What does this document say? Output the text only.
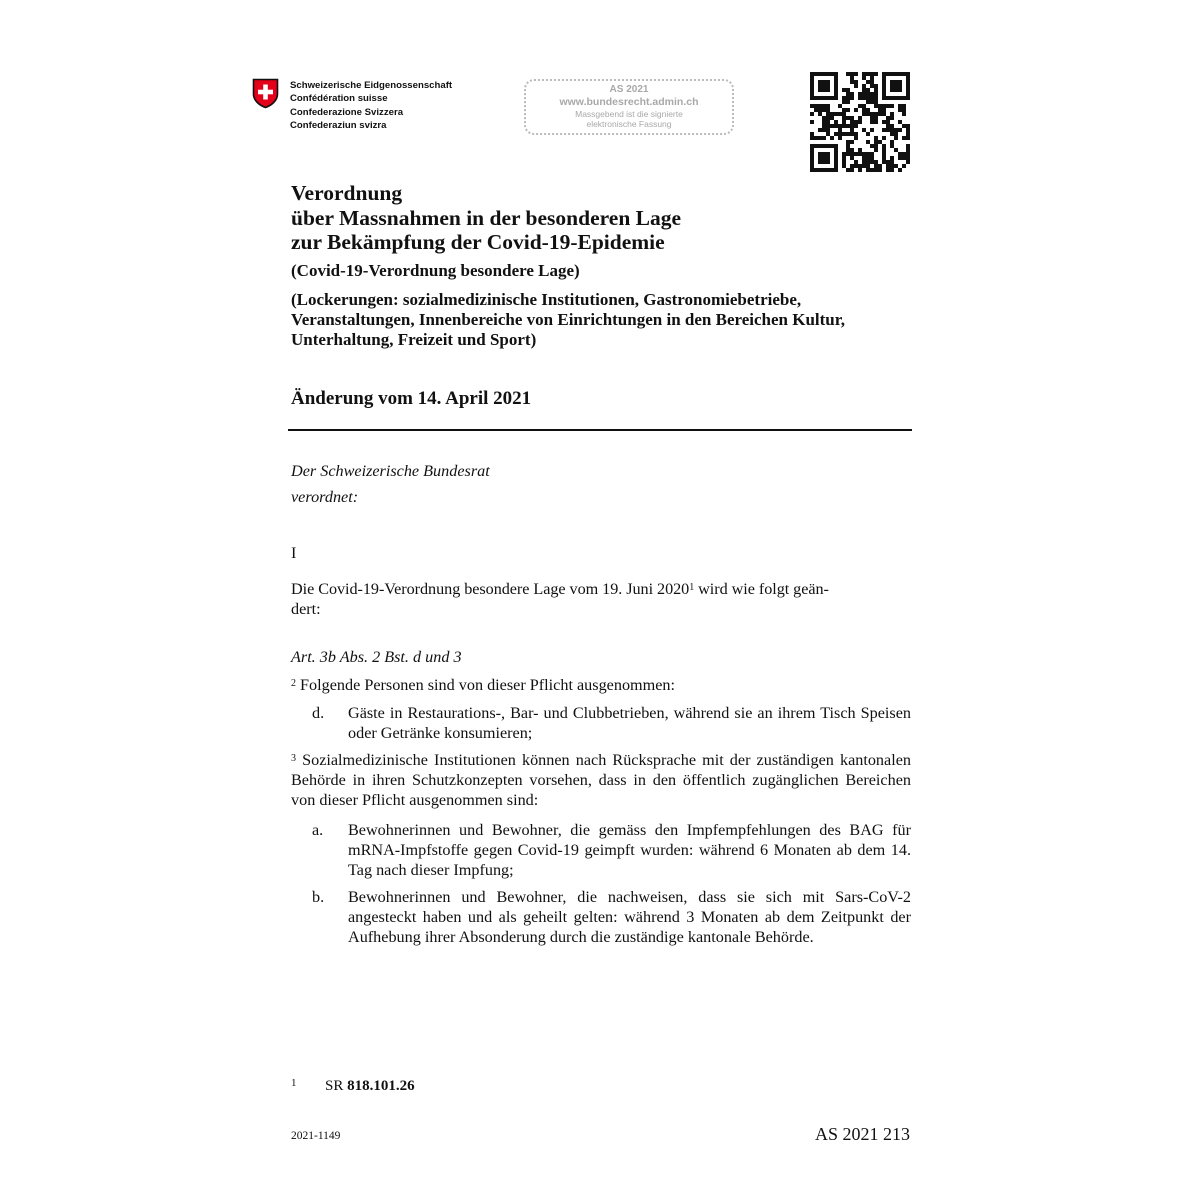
Schweizerische Eidgenossenschaft
Confédération suisse
Confederazione Svizzera
Confederaziun svizra
AS 2021
www.bundesrecht.admin.ch
Massgebend ist die signierte
elektronische Fassung
Verordnung
über Massnahmen in der besonderen Lage
zur Bekämpfung der Covid-19-Epidemie
(Covid-19-Verordnung besondere Lage)
(Lockerungen: sozialmedizinische Institutionen, Gastronomiebetriebe, Veranstaltungen, Innenbereiche von Einrichtungen in den Bereichen Kultur, Unterhaltung, Freizeit und Sport)
Änderung vom 14. April 2021
Der Schweizerische Bundesrat
verordnet:
I
Die Covid-19-Verordnung besondere Lage vom 19. Juni 2020$^1$ wird wie folgt geän-
dert:
Art. 3b Abs. 2 Bst. d und 3
$^2$ Folgende Personen sind von dieser Pflicht ausgenommen:
d. Gäste in Restaurations-, Bar- und Clubbetrieben, während sie an ihrem Tisch Speisen oder Getränke konsumieren;
$^3$ Sozialmedizinische Institutionen können nach Rücksprache mit der zuständigen kantonalen Behörde in ihren Schutzkonzepten vorsehen, dass in den öffentlich zugänglichen Bereichen von dieser Pflicht ausgenommen sind:
a. Bewohnerinnen und Bewohner, die gemäss den Impfempfehlungen des BAG für mRNA-Impfstoffe gegen Covid-19 geimpft wurden: während 6 Monaten ab dem 14. Tag nach dieser Impfung;
b. Bewohnerinnen und Bewohner, die nachweisen, dass sie sich mit Sars-CoV-2 angesteckt haben und als geheilt gelten: während 3 Monaten ab dem Zeitpunkt der Aufhebung ihrer Absonderung durch die zuständige kantonale Behörde.
1 SR 818.101.26
2021-1149	AS 2021 213
